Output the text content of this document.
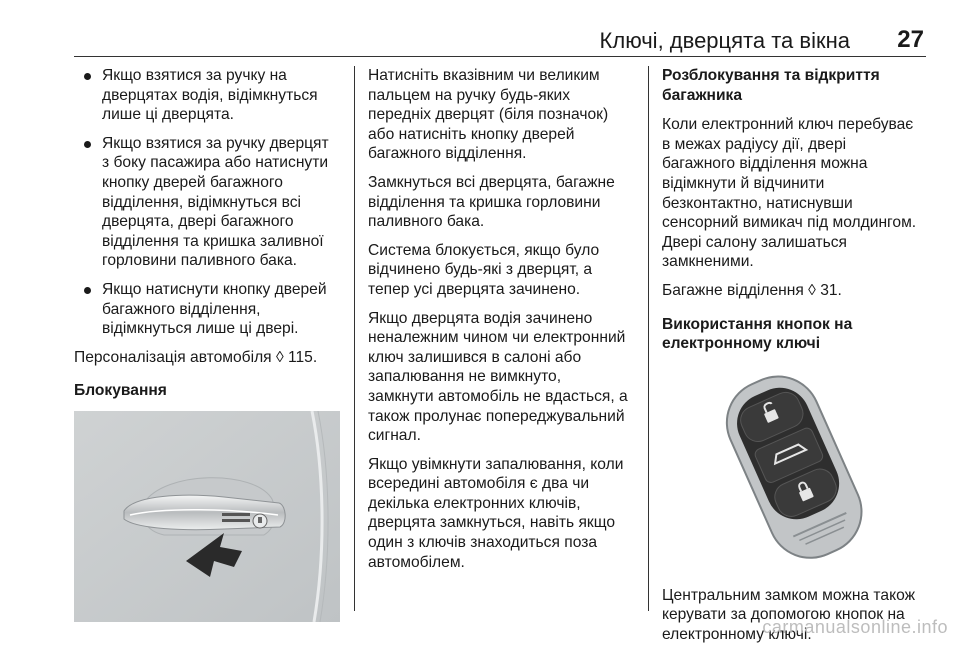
Ключі, дверцята та вікна 27
Якщо взятися за ручку на
дверцятах водія, відімкнуться
лише ці дверцята.
Якщо взятися за ручку дверцят
з боку пасажира або натиснути
кнопку дверей багажного
відділення, відімкнуться всі
дверцята, двері багажного
відділення та кришка заливної
горловини паливного бака.
Якщо натиснути кнопку дверей
багажного відділення,
відімкнуться лише ці двері.

Персоналізація автомобіля ◊ 115.

Блокування

Натисніть вказівним чи великим
пальцем на ручку будь-яких
передніх дверцят (біля позначок)
або натисніть кнопку дверей
багажного відділення.

Замкнуться всі дверцята, багажне
відділення та кришка горловини
паливного бака.

Система блокується, якщо було
відчинено будь-які з дверцят, а
тепер усі дверцята зачинено.

Якщо дверцята водія зачинено
неналежним чином чи електронний
ключ залишився в салоні або
запалювання не вимкнуто,
замкнути автомобіль не вдасться, а
також пролунає попереджувальний
сигнал.

Якщо увімкнути запалювання, коли
всередині автомобіля є два чи
декілька електронних ключів,
дверцята замкнуться, навіть якщо
один з ключів знаходиться поза
автомобілем.

Розблокування та відкриття
багажника

Коли електронний ключ перебуває
в межах радіусу дії, двері
багажного відділення можна
відімкнути й відчинити
безконтактно, натиснувши
сенсорний вимикач під молдингом.
Двері салону залишаться
замкненими.

Багажне відділення ◊ 31.

Використання кнопок на
електронному ключі

Центральним замком можна також
керувати за допомогою кнопок на
електронному ключі.

carmanualsonline.info
